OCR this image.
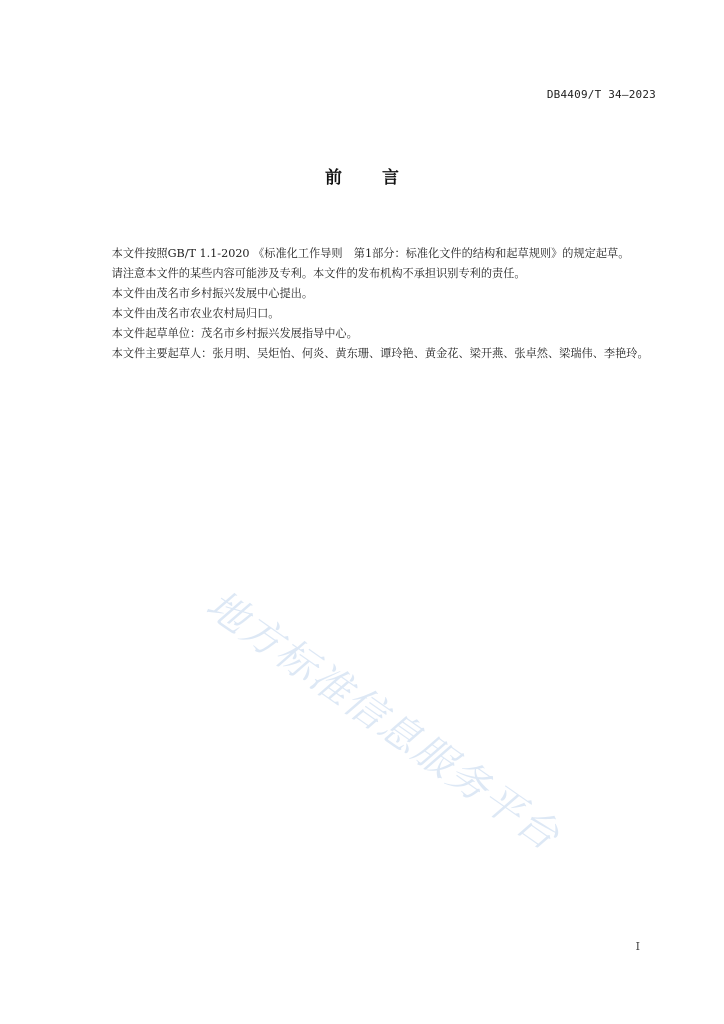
DB4409/T 34—2023
前 言

本文件按照GB/T 1.1-2020 《标准化工作导则　第1部分：标准化文件的结构和起草规则》的规定起草。

请注意本文件的某些内容可能涉及专利。本文件的发布机构不承担识别专利的责任。

本文件由茂名市乡村振兴发展中心提出。

本文件由茂名市农业农村局归口。

本文件起草单位：茂名市乡村振兴发展指导中心。

本文件主要起草人：张月明、吴炬怡、何炎、黄东珊、谭玲艳、黄金花、梁开燕、张卓然、梁瑞伟、李艳玲。

地方标准信息服务平台
I
